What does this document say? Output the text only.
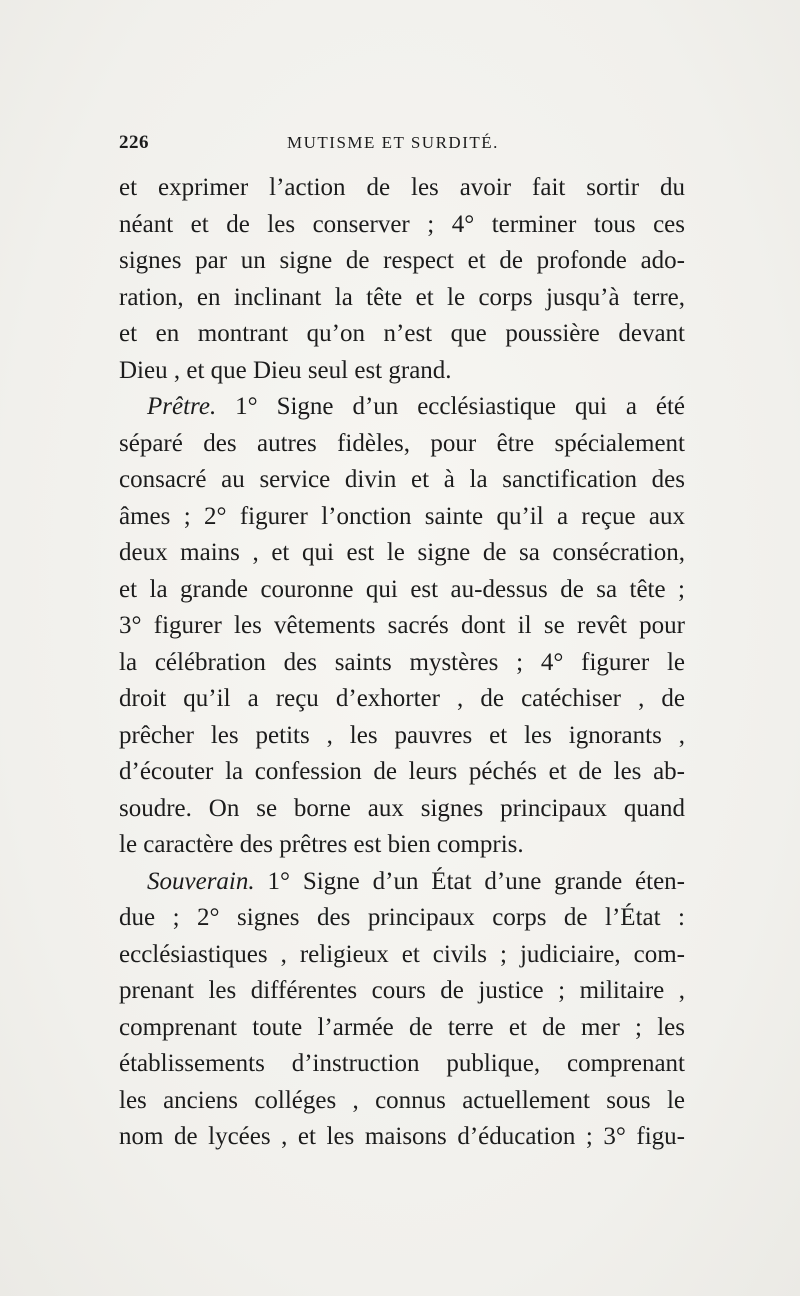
226	MUTISME ET SURDITÉ.
et exprimer l’action de les avoir fait sortir du
néant et de les conserver ; 4° terminer tous ces
signes par un signe de respect et de profonde ado-
ration, en inclinant la tête et le corps jusqu’à terre,
et en montrant qu’on n’est que poussière devant
Dieu , et que Dieu seul est grand.
Prêtre. 1° Signe d’un ecclésiastique qui a été
séparé des autres fidèles, pour être spécialement
consacré au service divin et à la sanctification des
âmes ; 2° figurer l’onction sainte qu’il a reçue aux
deux mains , et qui est le signe de sa consécration,
et la grande couronne qui est au-dessus de sa tête ;
3° figurer les vêtements sacrés dont il se revêt pour
la célébration des saints mystères ; 4° figurer le
droit qu’il a reçu d’exhorter , de catéchiser , de
prêcher les petits , les pauvres et les ignorants ,
d’écouter la confession de leurs péchés et de les ab-
soudre. On se borne aux signes principaux quand
le caractère des prêtres est bien compris.
Souverain. 1° Signe d’un État d’une grande éten-
due ; 2° signes des principaux corps de l’État :
ecclésiastiques , religieux et civils ; judiciaire, com-
prenant les différentes cours de justice ; militaire ,
comprenant toute l’armée de terre et de mer ; les
établissements d’instruction publique, comprenant
les anciens colléges , connus actuellement sous le
nom de lycées , et les maisons d’éducation ; 3° figu-
